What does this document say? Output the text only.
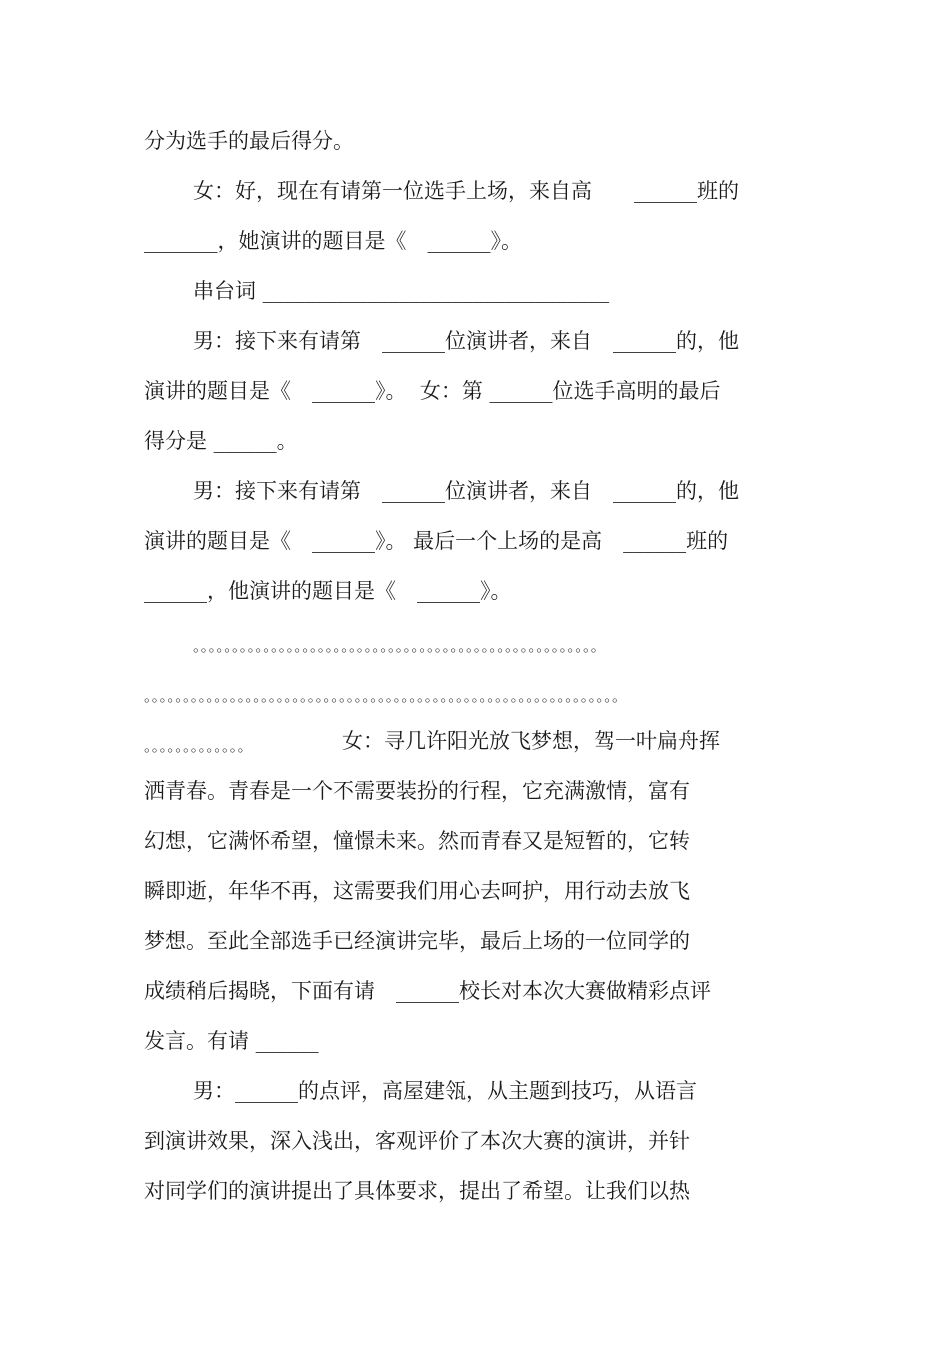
分为选手的最后得分。
女：好，现在有请第一位选手上场，来自高　　______班的
_______，她演讲的题目是《　______》。
串台词 _________________________________
男：接下来有请第　______位演讲者，来自　______的，他
演讲的题目是《　______》。  女：第 ______位选手高明的最后
得分是 ______。
男：接下来有请第　______位演讲者，来自　______的，他
演讲的题目是《　______》。 最后一个上场的是高　______班的
______，他演讲的题目是《　______》。
。。。。。。。。。。。。。。。。。。。。。。。。。。。。。。。。。。。。。。。。。。。。。。。。。。。。
。。。。。。。。。。。。。。。。。。。。。。。。。。。。。。。。。。。。。。。。。。。。。。。。。。。。。。。。。。。。。
。。。。。。。。。。。。。	女：寻几许阳光放飞梦想，驾一叶扁舟挥
洒青春。青春是一个不需要装扮的行程，它充满激情，富有
幻想，它满怀希望，憧憬未来。然而青春又是短暂的，它转
瞬即逝，年华不再，这需要我们用心去呵护，用行动去放飞
梦想。至此全部选手已经演讲完毕，最后上场的一位同学的
成绩稍后揭晓，下面有请　______校长对本次大赛做精彩点评
发言。有请 ______
男：______的点评，高屋建瓴，从主题到技巧，从语言
到演讲效果，深入浅出，客观评价了本次大赛的演讲，并针
对同学们的演讲提出了具体要求，提出了希望。让我们以热
